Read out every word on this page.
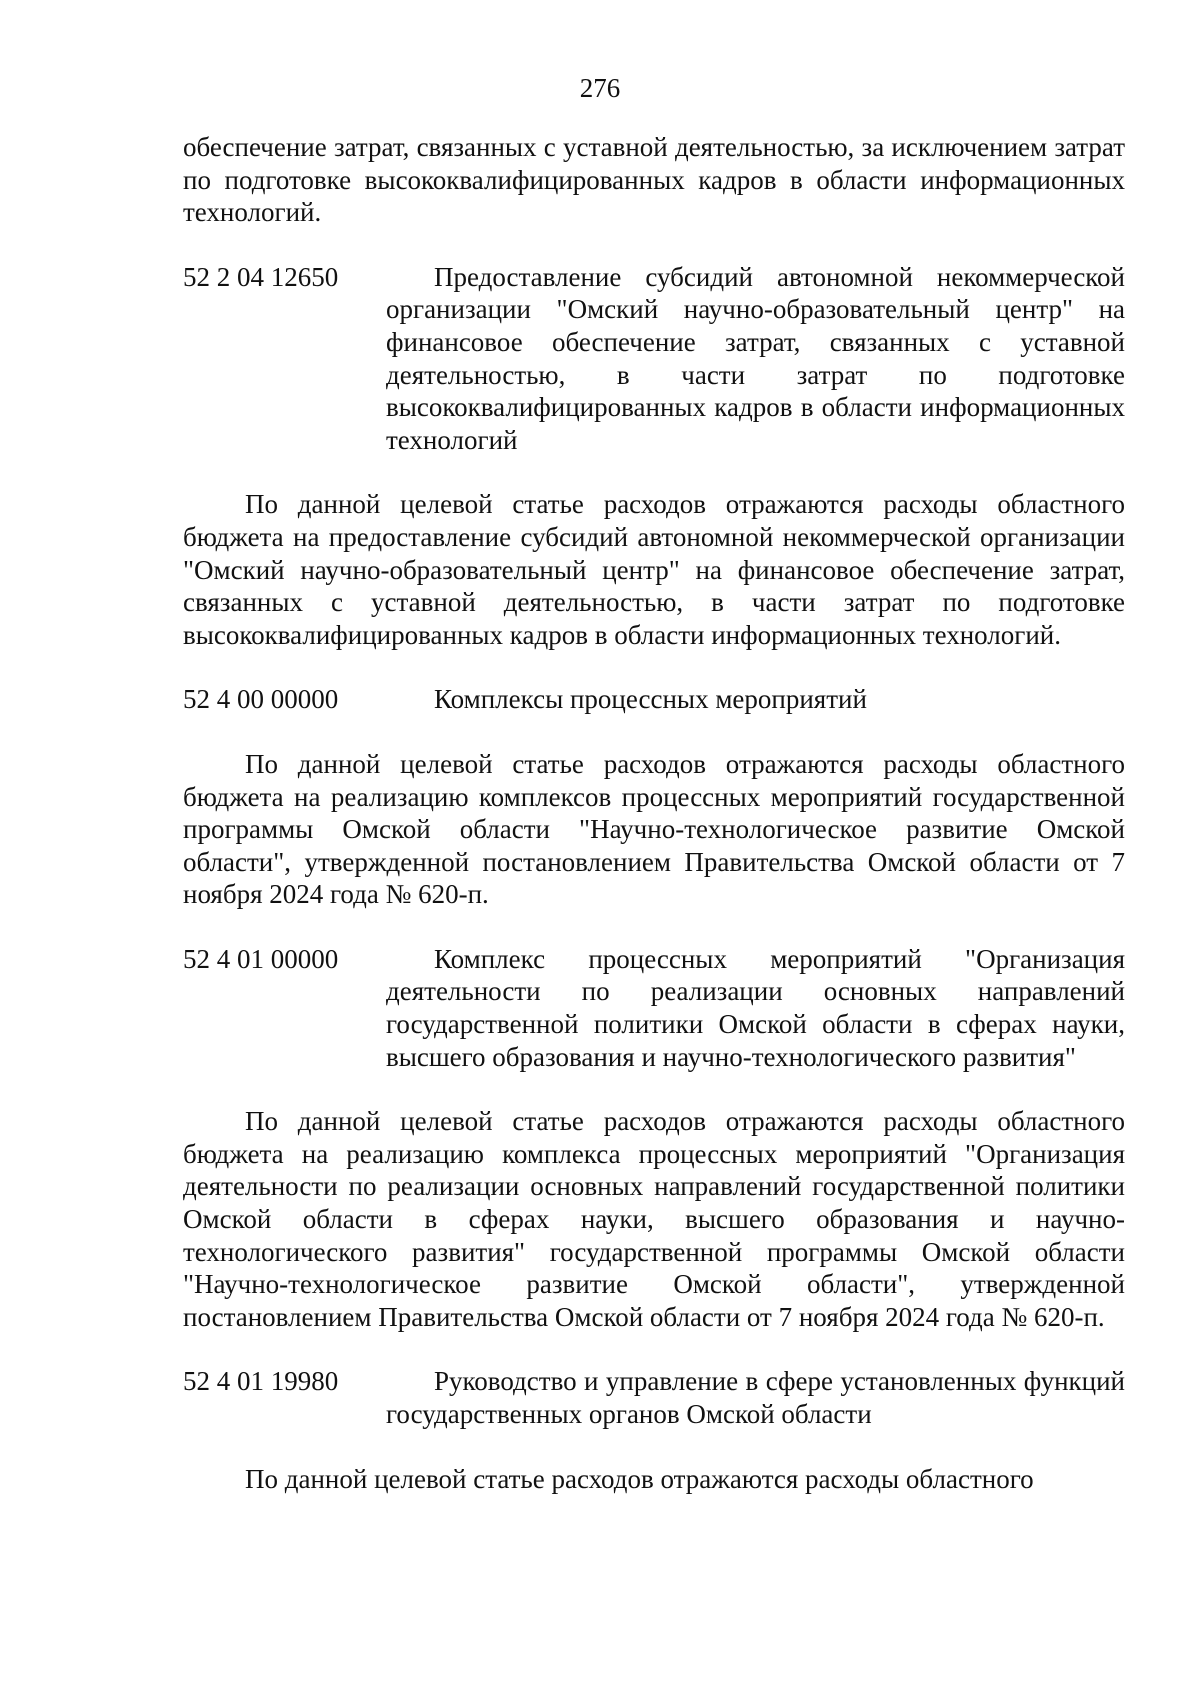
276

обеспечение затрат, связанных с уставной деятельностью, за исключением затрат по подготовке высококвалифицированных кадров в области информационных технологий.

52 2 04 12650	Предоставление субсидий автономной некоммерческой организации "Омский научно-образовательный центр" на финансовое обеспечение затрат, связанных с уставной деятельностью, в части затрат по подготовке высококвалифицированных кадров в области информационных технологий

По данной целевой статье расходов отражаются расходы областного бюджета на предоставление субсидий автономной некоммерческой организации "Омский научно-образовательный центр" на финансовое обеспечение затрат, связанных с уставной деятельностью, в части затрат по подготовке высококвалифицированных кадров в области информационных технологий.

52 4 00 00000	Комплексы процессных мероприятий

По данной целевой статье расходов отражаются расходы областного бюджета на реализацию комплексов процессных мероприятий государственной программы Омской области "Научно-технологическое развитие Омской области", утвержденной постановлением Правительства Омской области от 7 ноября 2024 года № 620-п.

52 4 01 00000	Комплекс процессных мероприятий "Организация деятельности по реализации основных направлений государственной политики Омской области в сферах науки, высшего образования и научно-технологического развития"

По данной целевой статье расходов отражаются расходы областного бюджета на реализацию комплекса процессных мероприятий "Организация деятельности по реализации основных направлений государственной политики Омской области в сферах науки, высшего образования и научно-технологического развития" государственной программы Омской области "Научно-технологическое развитие Омской области", утвержденной постановлением Правительства Омской области от 7 ноября 2024 года № 620-п.

52 4 01 19980	Руководство и управление в сфере установленных функций государственных органов Омской области

По данной целевой статье расходов отражаются расходы областного
